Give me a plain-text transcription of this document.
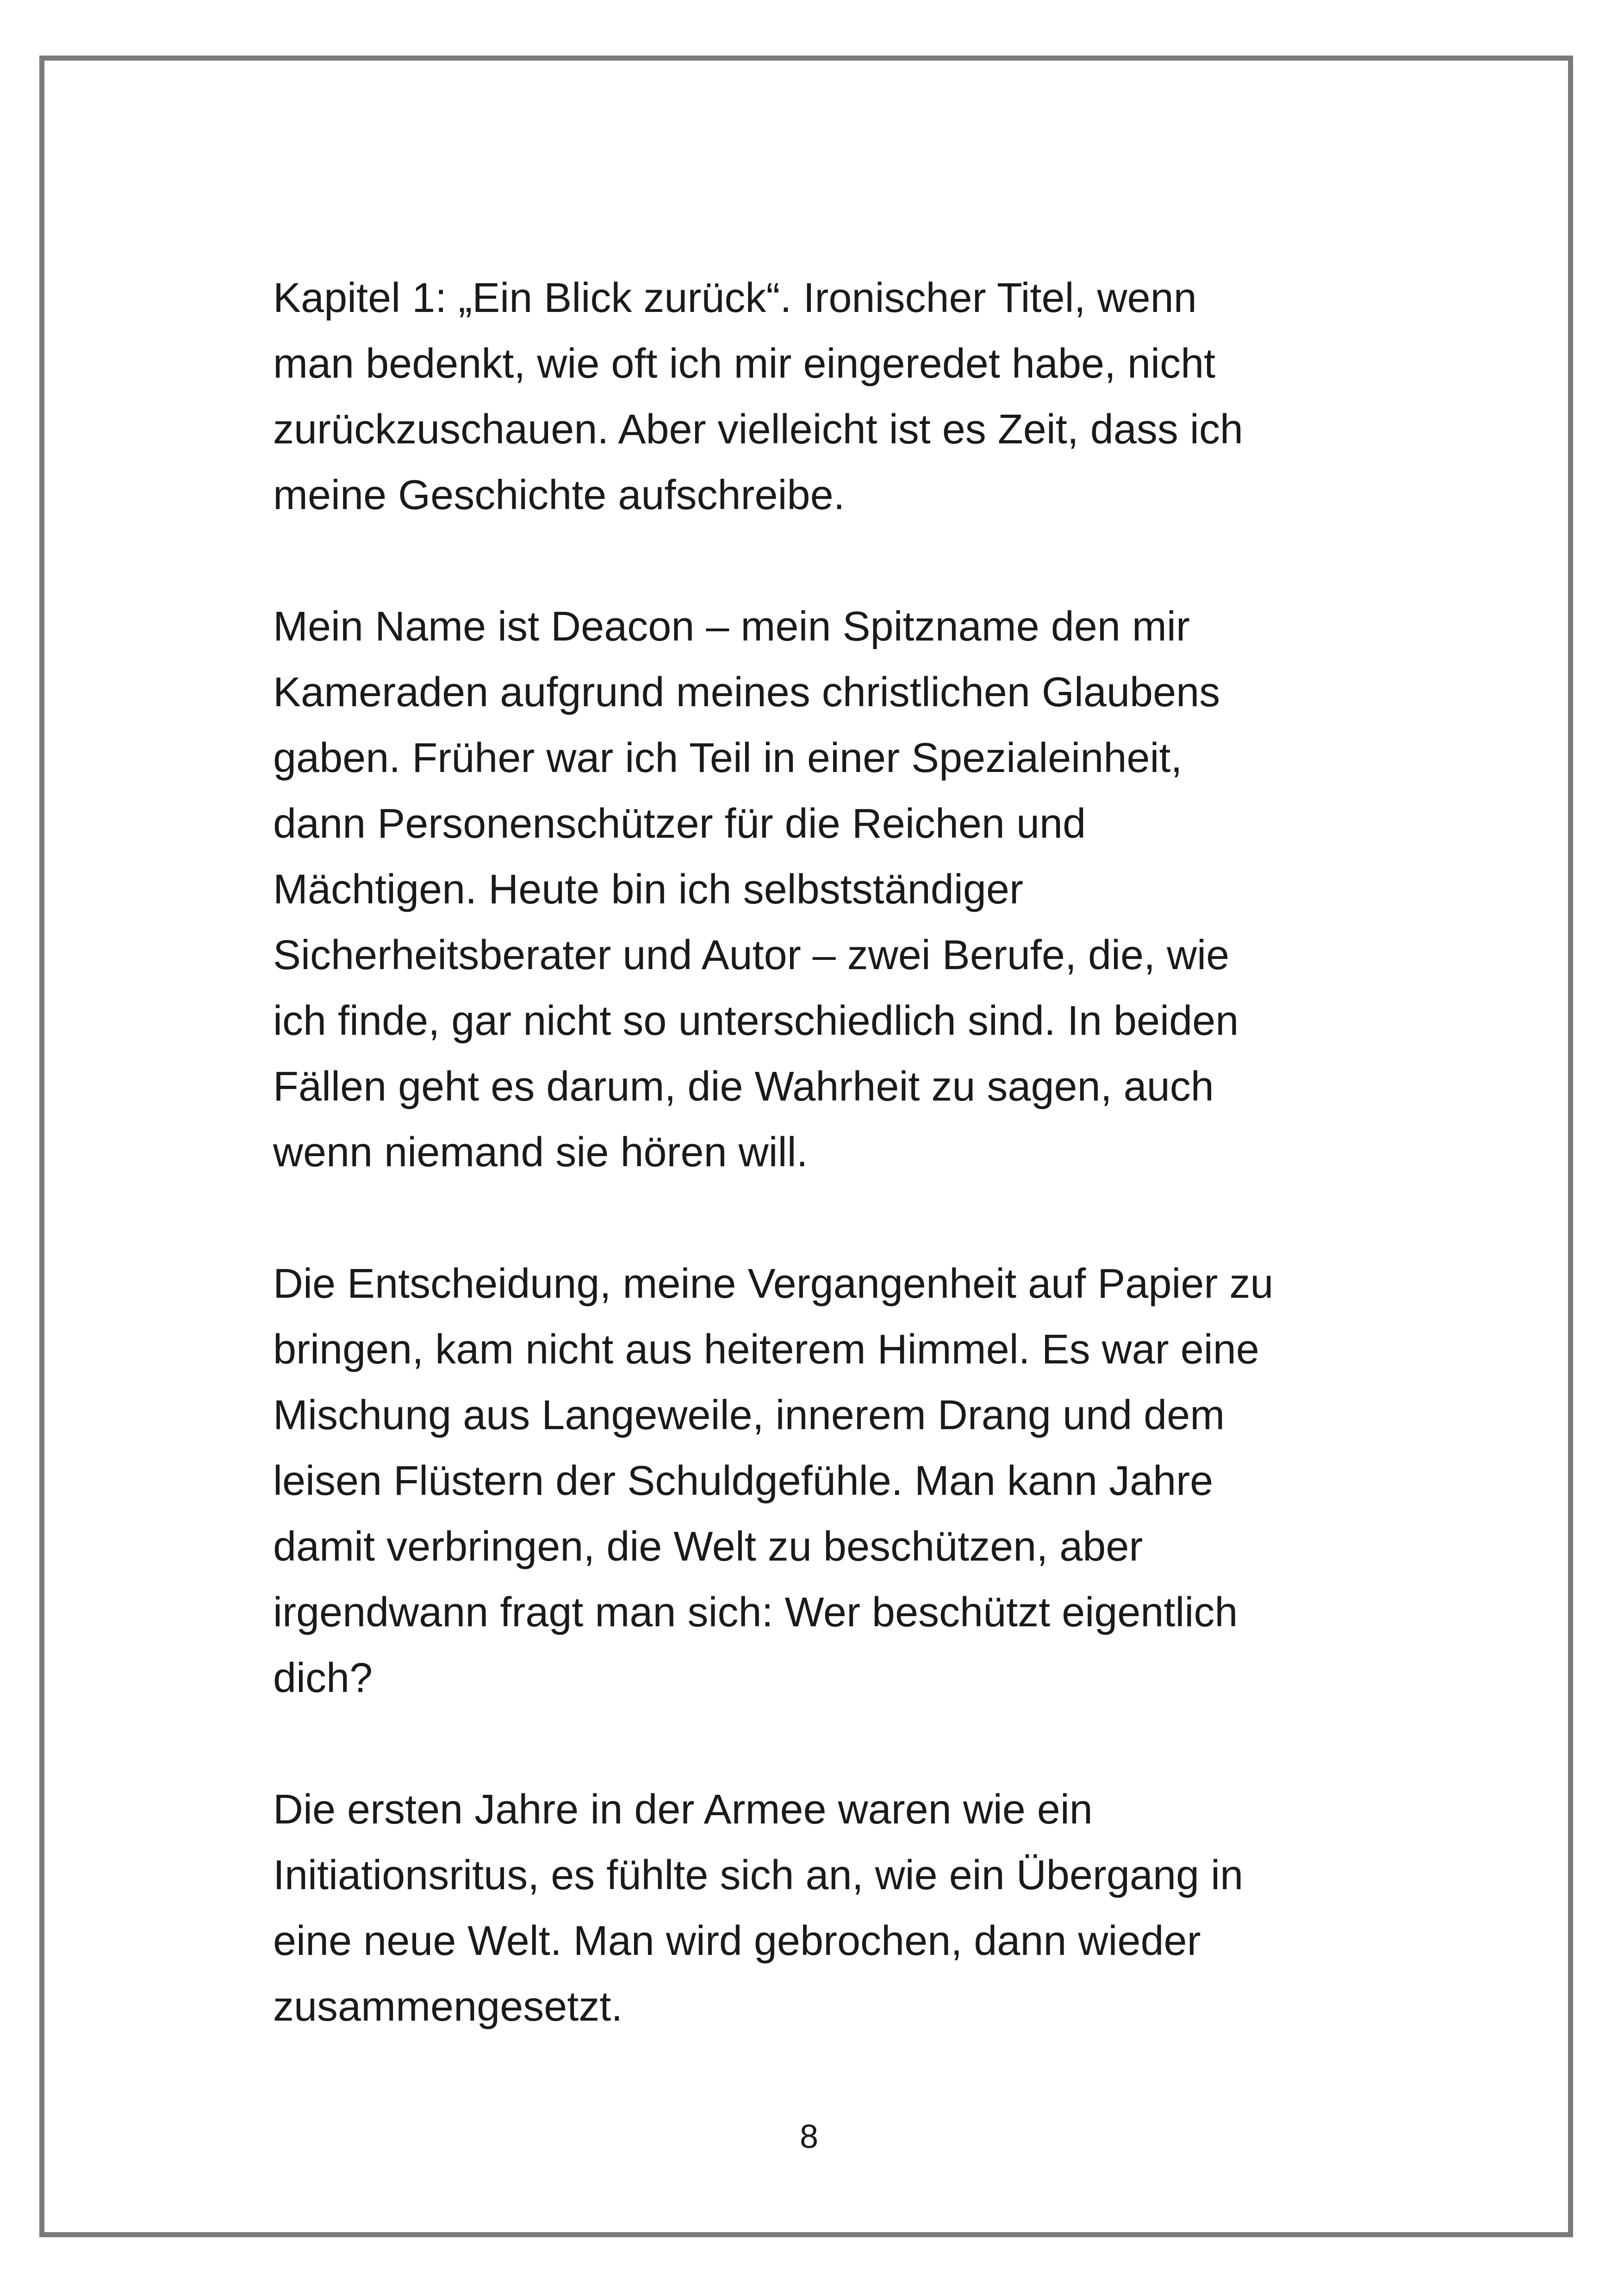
Kapitel 1: „Ein Blick zurück“. Ironischer Titel, wenn
man bedenkt, wie oft ich mir eingeredet habe, nicht
zurückzuschauen. Aber vielleicht ist es Zeit, dass ich
meine Geschichte aufschreibe.
Mein Name ist Deacon – mein Spitzname den mir
Kameraden aufgrund meines christlichen Glaubens
gaben. Früher war ich Teil in einer Spezialeinheit,
dann Personenschützer für die Reichen und
Mächtigen. Heute bin ich selbstständiger
Sicherheitsberater und Autor – zwei Berufe, die, wie
ich finde, gar nicht so unterschiedlich sind. In beiden
Fällen geht es darum, die Wahrheit zu sagen, auch
wenn niemand sie hören will.
Die Entscheidung, meine Vergangenheit auf Papier zu
bringen, kam nicht aus heiterem Himmel. Es war eine
Mischung aus Langeweile, innerem Drang und dem
leisen Flüstern der Schuldgefühle. Man kann Jahre
damit verbringen, die Welt zu beschützen, aber
irgendwann fragt man sich: Wer beschützt eigentlich
dich?
Die ersten Jahre in der Armee waren wie ein
Initiationsritus, es fühlte sich an, wie ein Übergang in
eine neue Welt. Man wird gebrochen, dann wieder
zusammengesetzt.
8
